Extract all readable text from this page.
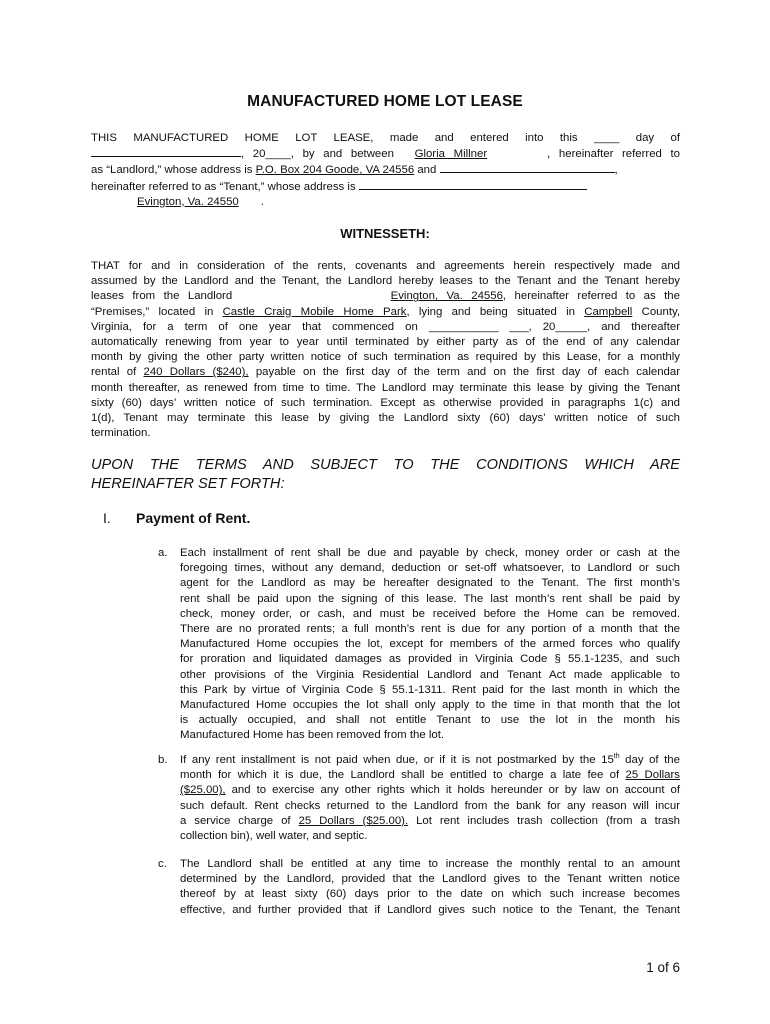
MANUFACTURED HOME LOT LEASE
THIS MANUFACTURED HOME LOT LEASE, made and entered into this ____ day of
, 20____, by and between Gloria Millner	, hereinafter referred to
as “Landlord,” whose address is P.O. Box 204 Goode, VA 24556 and	,
hereinafter referred to as “Tenant,” whose address is
Evington, Va. 24550 .
WITNESSETH:
THAT for and in consideration of the rents, covenants and agreements herein respectively made and
assumed by the Landlord and the Tenant, the Landlord hereby leases to the Tenant and the Tenant hereby
leases from the Landlord	Evington, Va. 24556, hereinafter referred to as the
“Premises,” located in Castle Craig Mobile Home Park, lying and being situated in Campbell County,
Virginia, for a term of one year that commenced on ___________ ___, 20_____, and thereafter
automatically renewing from year to year until terminated by either party as of the end of any calendar
month by giving the other party written notice of such termination as required by this Lease, for a monthly
rental of 240 Dollars ($240), payable on the first day of the term and on the first day of each calendar
month thereafter, as renewed from time to time. The Landlord may terminate this lease by giving the Tenant
sixty (60) days’ written notice of such termination. Except as otherwise provided in paragraphs 1(c) and
1(d), Tenant may terminate this lease by giving the Landlord sixty (60) days’ written notice of such
termination.
UPON THE TERMS AND SUBJECT TO THE CONDITIONS WHICH ARE
HEREINAFTER SET FORTH:
I. Payment of Rent.
a. Each installment of rent shall be due and payable by check, money order or cash at the
foregoing times, without any demand, deduction or set-off whatsoever, to Landlord or such
agent for the Landlord as may be hereafter designated to the Tenant. The first month’s
rent shall be paid upon the signing of this lease. The last month’s rent shall be paid by
check, money order, or cash, and must be received before the Home can be removed.
There are no prorated rents; a full month’s rent is due for any portion of a month that the
Manufactured Home occupies the lot, except for members of the armed forces who qualify
for proration and liquidated damages as provided in Virginia Code § 55.1-1235, and such
other provisions of the Virginia Residential Landlord and Tenant Act made applicable to
this Park by virtue of Virginia Code § 55.1-1311. Rent paid for the last month in which the
Manufactured Home occupies the lot shall only apply to the time in that month that the lot
is actually occupied, and shall not entitle Tenant to use the lot in the month his
Manufactured Home has been removed from the lot.
b. If any rent installment is not paid when due, or if it is not postmarked by the 15th day of the
month for which it is due, the Landlord shall be entitled to charge a late fee of 25 Dollars
($25.00), and to exercise any other rights which it holds hereunder or by law on account of
such default. Rent checks returned to the Landlord from the bank for any reason will incur
a service charge of 25 Dollars ($25.00). Lot rent includes trash collection (from a trash
collection bin), well water, and septic.
c. The Landlord shall be entitled at any time to increase the monthly rental to an amount
determined by the Landlord, provided that the Landlord gives to the Tenant written notice
thereof by at least sixty (60) days prior to the date on which such increase becomes
effective, and further provided that if Landlord gives such notice to the Tenant, the Tenant
1 of 6
